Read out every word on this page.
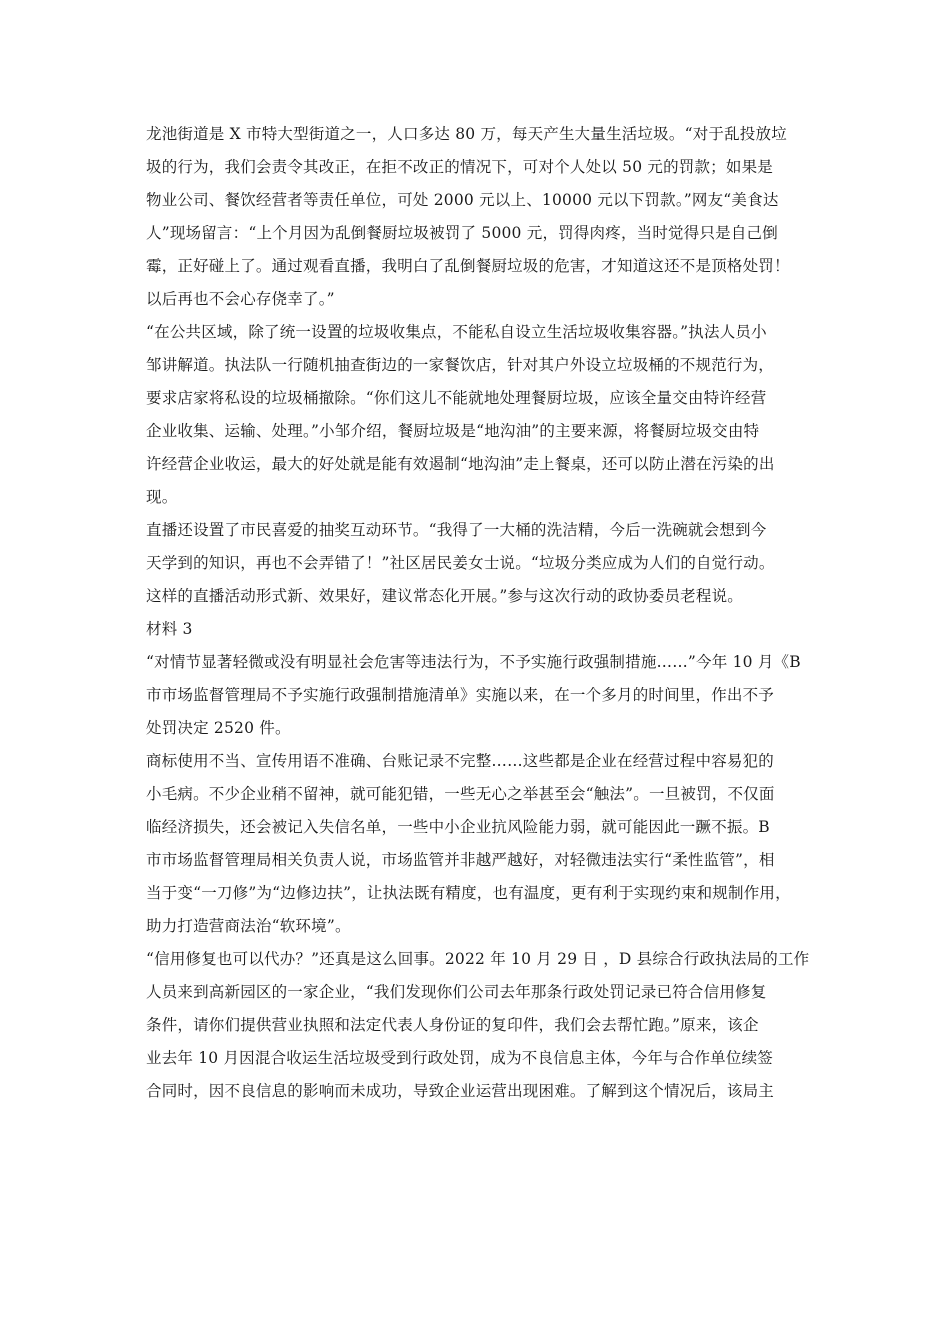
龙池街道是 X 市特大型街道之一，人口多达 80 万，每天产生大量生活垃圾。“对于乱投放垃
圾的行为，我们会责令其改正，在拒不改正的情况下，可对个人处以 50 元的罚款；如果是
物业公司、餐饮经营者等责任单位，可处 2000 元以上、10000 元以下罚款。”网友“美食达
人”现场留言：“上个月因为乱倒餐厨垃圾被罚了 5000 元，罚得肉疼，当时觉得只是自己倒
霉，正好碰上了。通过观看直播，我明白了乱倒餐厨垃圾的危害，才知道这还不是顶格处罚！
以后再也不会心存侥幸了。”
“在公共区域，除了统一设置的垃圾收集点，不能私自设立生活垃圾收集容器。”执法人员小
邹讲解道。执法队一行随机抽查街边的一家餐饮店，针对其户外设立垃圾桶的不规范行为，
要求店家将私设的垃圾桶撤除。“你们这儿不能就地处理餐厨垃圾，应该全量交由特许经营
企业收集、运输、处理。”小邹介绍，餐厨垃圾是“地沟油”的主要来源，将餐厨垃圾交由特
许经营企业收运，最大的好处就是能有效遏制“地沟油”走上餐桌，还可以防止潜在污染的出
现。
直播还设置了市民喜爱的抽奖互动环节。“我得了一大桶的洗洁精，今后一洗碗就会想到今
天学到的知识，再也不会弄错了！”社区居民姜女士说。“垃圾分类应成为人们的自觉行动。
这样的直播活动形式新、效果好，建议常态化开展。”参与这次行动的政协委员老程说。
材料 3
“对情节显著轻微或没有明显社会危害等违法行为，不予实施行政强制措施……”今年 10 月《B
市市场监督管理局不予实施行政强制措施清单》实施以来，在一个多月的时间里，作出不予
处罚决定 2520 件。
商标使用不当、宣传用语不准确、台账记录不完整……这些都是企业在经营过程中容易犯的
小毛病。不少企业稍不留神，就可能犯错，一些无心之举甚至会“触法”。一旦被罚，不仅面
临经济损失，还会被记入失信名单，一些中小企业抗风险能力弱，就可能因此一蹶不振。B
市市场监督管理局相关负责人说，市场监管并非越严越好，对轻微违法实行“柔性监管”，相
当于变“一刀修”为“边修边扶”，让执法既有精度，也有温度，更有利于实现约束和规制作用，
助力打造营商法治“软环境”。
“信用修复也可以代办？”还真是这么回事。2022 年 10 月 29 日 ，D 县综合行政执法局的工作
人员来到高新园区的一家企业，“我们发现你们公司去年那条行政处罚记录已符合信用修复
条件，请你们提供营业执照和法定代表人身份证的复印件，我们会去帮忙跑。”原来，该企
业去年 10 月因混合收运生活垃圾受到行政处罚，成为不良信息主体，今年与合作单位续签
合同时，因不良信息的影响而未成功，导致企业运营出现困难。了解到这个情况后，该局主
